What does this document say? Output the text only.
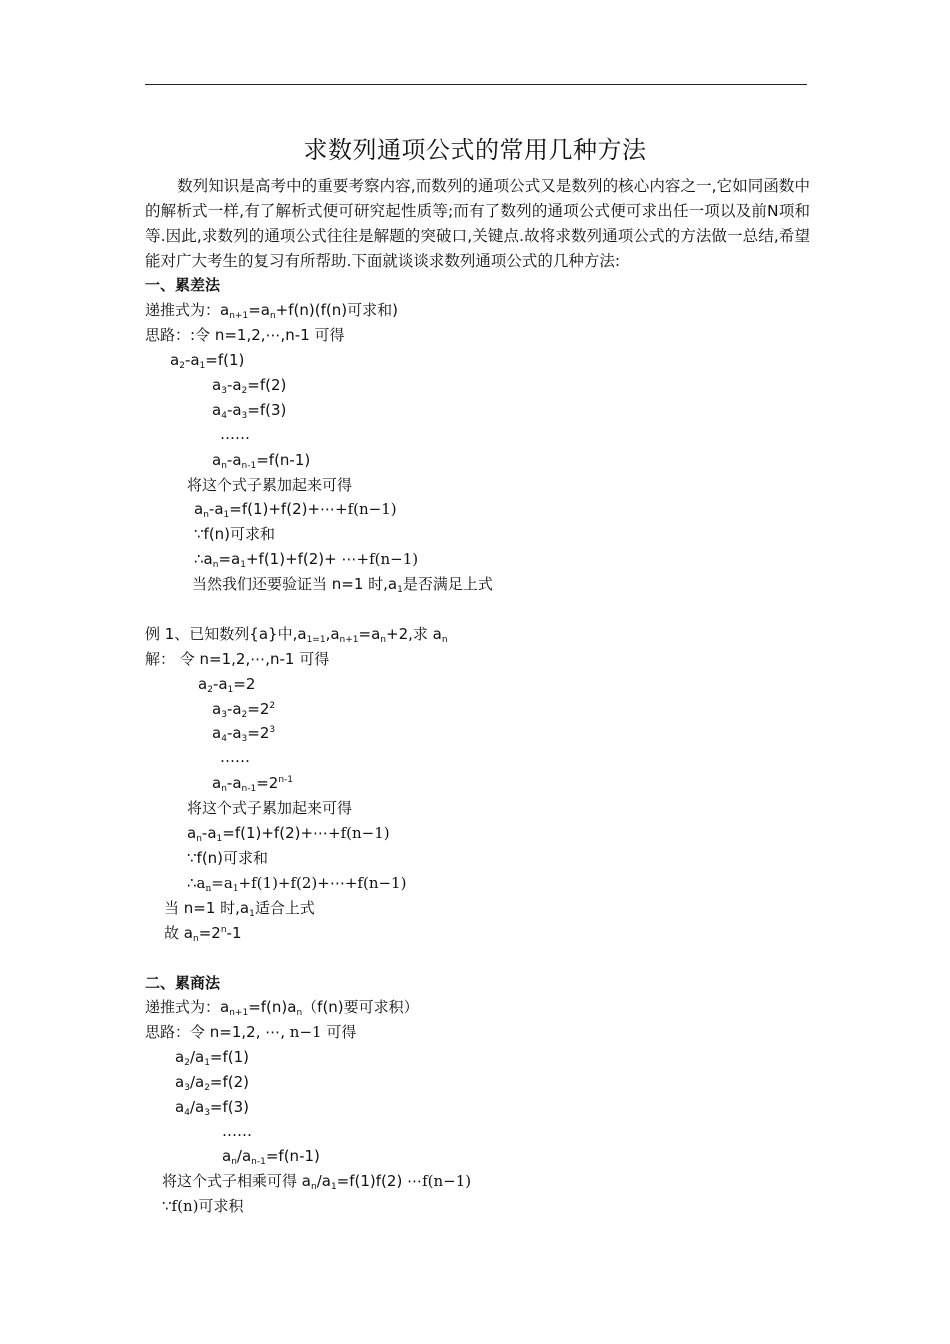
求数列通项公式的常用几种方法
数列知识是高考中的重要考察内容,而数列的通项公式又是数列的核心内容之一,它如同函数中的解析式一样,有了解析式便可研究起性质等;而有了数列的通项公式便可求出任一项以及前N项和等.因此,求数列的通项公式往往是解题的突破口,关键点.故将求数列通项公式的方法做一总结,希望能对广大考生的复习有所帮助.下面就谈谈求数列通项公式的几种方法:
一、累差法
递推式为：$a_{n+1}=a_n+f(n)(f(n)$可求和)
思路：:令 n=1,2,⋯,n-1 可得
$a_2-a_1=f(1)$
$a_3-a_2=f(2)$
$a_4-a_3=f(3)$
……
$a_n-a_{n-1}=f(n-1)$
将这个式子累加起来可得
$a_n-a_1=f(1)+f(2)+\cdots+f(n-1)$
∵f(n)可求和
$\therefore a_n=a_1+f(1)+f(2)+$ ⋯+f(n−1)
当然我们还要验证当 n=1 时$,a_1$是否满足上式
例 1、已知数列{a}中$,a_{1=1},a_{n+1}=a_n+2$,求 $a_n$
解： 令 n=1,2,⋯,n-1 可得
$a_2-a_1=2$
$a_3-a_2=2^2$
$a_4-a_3=2^3$
……
$a_n-a_{n-1}=2^{n-1}$
将这个式子累加起来可得
$a_n-a_1=f(1)+f(2)+\cdots+f(n-1)$
∵f(n)可求和
$\therefore a_n=a_1+f(1)+f(2)+\cdots+f(n-1)$
当 n=1 时$,a_1$适合上式
故 $a_n=2^n-1$
二、累商法
递推式为：$a_{n+1}=f(n)a_n(f(n)$要可求积）
思路：令 n=1,2, ⋯, n−1 可得
$a_2/a_1=f(1)$
$a_3/a_2=f(2)$
$a_4/a_3=f(3)$
……
$a_n/a_{n-1}=f(n-1)$
将这个式子相乘可得 $a_n/a_1=f(1)f(2)$ ⋯f(n−1)
∵f(n)可求积
